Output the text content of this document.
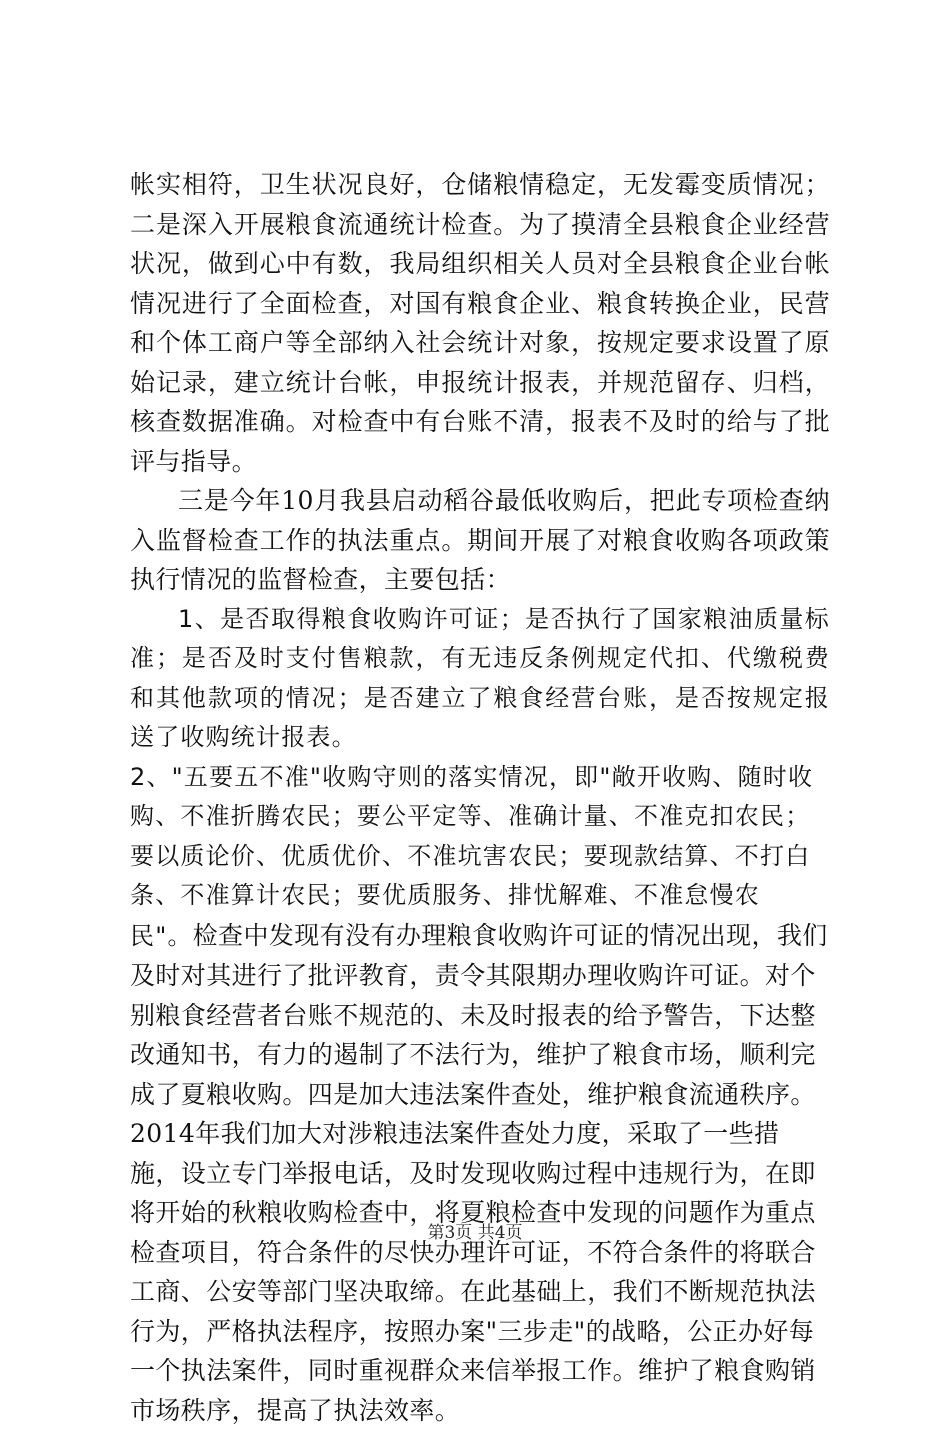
帐实相符，卫生状况良好，仓储粮情稳定，无发霉变质情况；二是深入开展粮食流通统计检查。为了摸清全县粮食企业经营状况，做到心中有数，我局组织相关人员对全县粮食企业台帐情况进行了全面检查，对国有粮食企业、粮食转换企业，民营和个体工商户等全部纳入社会统计对象，按规定要求设置了原始记录，建立统计台帐，申报统计报表，并规范留存、归档，核查数据准确。对检查中有台账不清，报表不及时的给与了批评与指导。

三是今年10月我县启动稻谷最低收购后，把此专项检查纳入监督检查工作的执法重点。期间开展了对粮食收购各项政策执行情况的监督检查，主要包括：

1、是否取得粮食收购许可证；是否执行了国家粮油质量标准；是否及时支付售粮款，有无违反条例规定代扣、代缴税费和其他款项的情况；是否建立了粮食经营台账，是否按规定报送了收购统计报表。

2、"五要五不准"收购守则的落实情况，即"敞开收购、随时收购、不准折腾农民；要公平定等、准确计量、不准克扣农民；要以质论价、优质优价、不准坑害农民；要现款结算、不打白条、不准算计农民；要优质服务、排忧解难、不准怠慢农民"。

检查中发现有没有办理粮食收购许可证的情况出现，我们及时对其进行了批评教育，责令其限期办理收购许可证。对个别粮食经营者台账不规范的、未及时报表的给予警告，下达整改通知书，有力的遏制了不法行为，维护了粮食市场，顺利完成了夏粮收购。四是加大违法案件查处，维护粮食流通秩序。2014年我们加大对涉粮违法案件查处力度，采取了一些措施，设立专门举报电话，及时发现收购过程中违规行为，在即将开始的秋粮收购检查中，将夏粮检查中发现的问题作为重点检查项目，符合条件的尽快办理许可证，不符合条件的将联合工商、公安等部门坚决取缔。在此基础上，我们不断规范执法行为，严格执法程序，按照办案"三步走"的战略，公正办好每一个执法案件，同时重视群众来信举报工作。维护了粮食购销市场秩序，提高了执法效率。

第3页 共4页
